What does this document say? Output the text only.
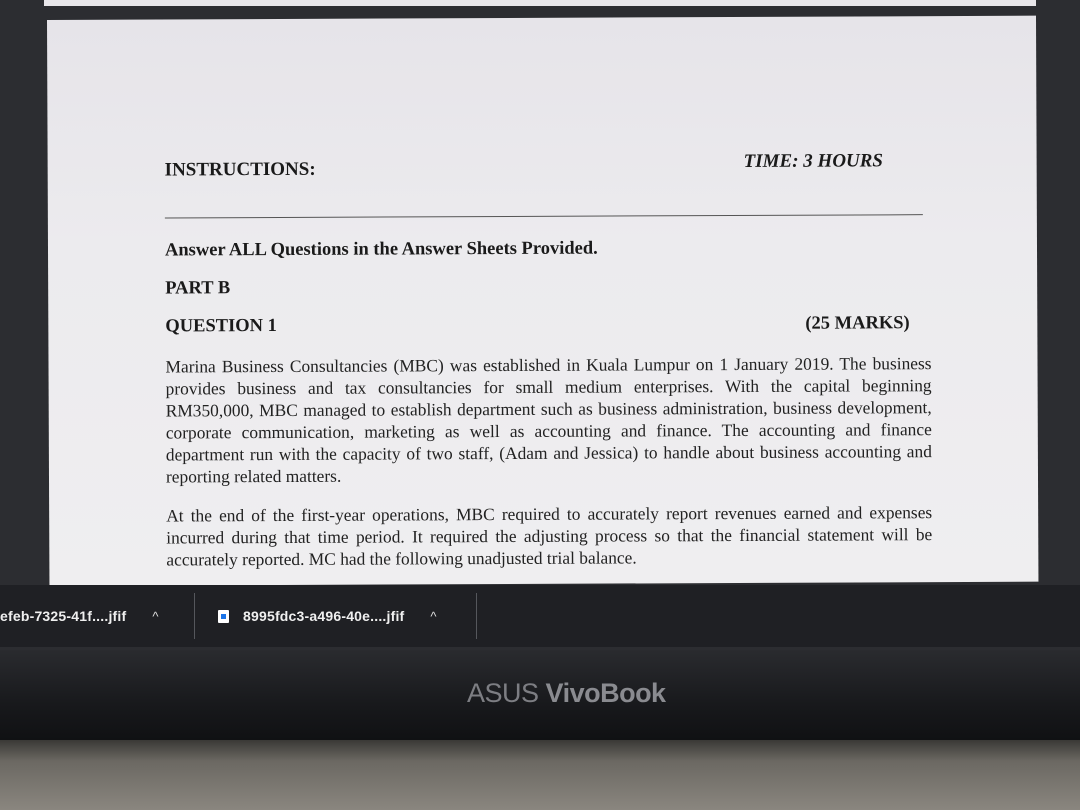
INSTRUCTIONS:	TIME: 3 HOURS
Answer ALL Questions in the Answer Sheets Provided.
PART B
QUESTION 1	(25 MARKS)
Marina Business Consultancies (MBC) was established in Kuala Lumpur on 1 January 2019. The business provides business and tax consultancies for small medium enterprises. With the capital beginning RM350,000, MBC managed to establish department such as business administration, business development, corporate communication, marketing as well as accounting and finance. The accounting and finance department run with the capacity of two staff, (Adam and Jessica) to handle about business accounting and reporting related matters.
At the end of the first-year operations, MBC required to accurately report revenues earned and expenses incurred during that time period. It required the adjusting process so that the financial statement will be accurately reported. MC had the following unadjusted trial balance.
efeb-7325-41f....jfif ^	8995fdc3-a496-40e....jfif ^
ASUS VivoBook
